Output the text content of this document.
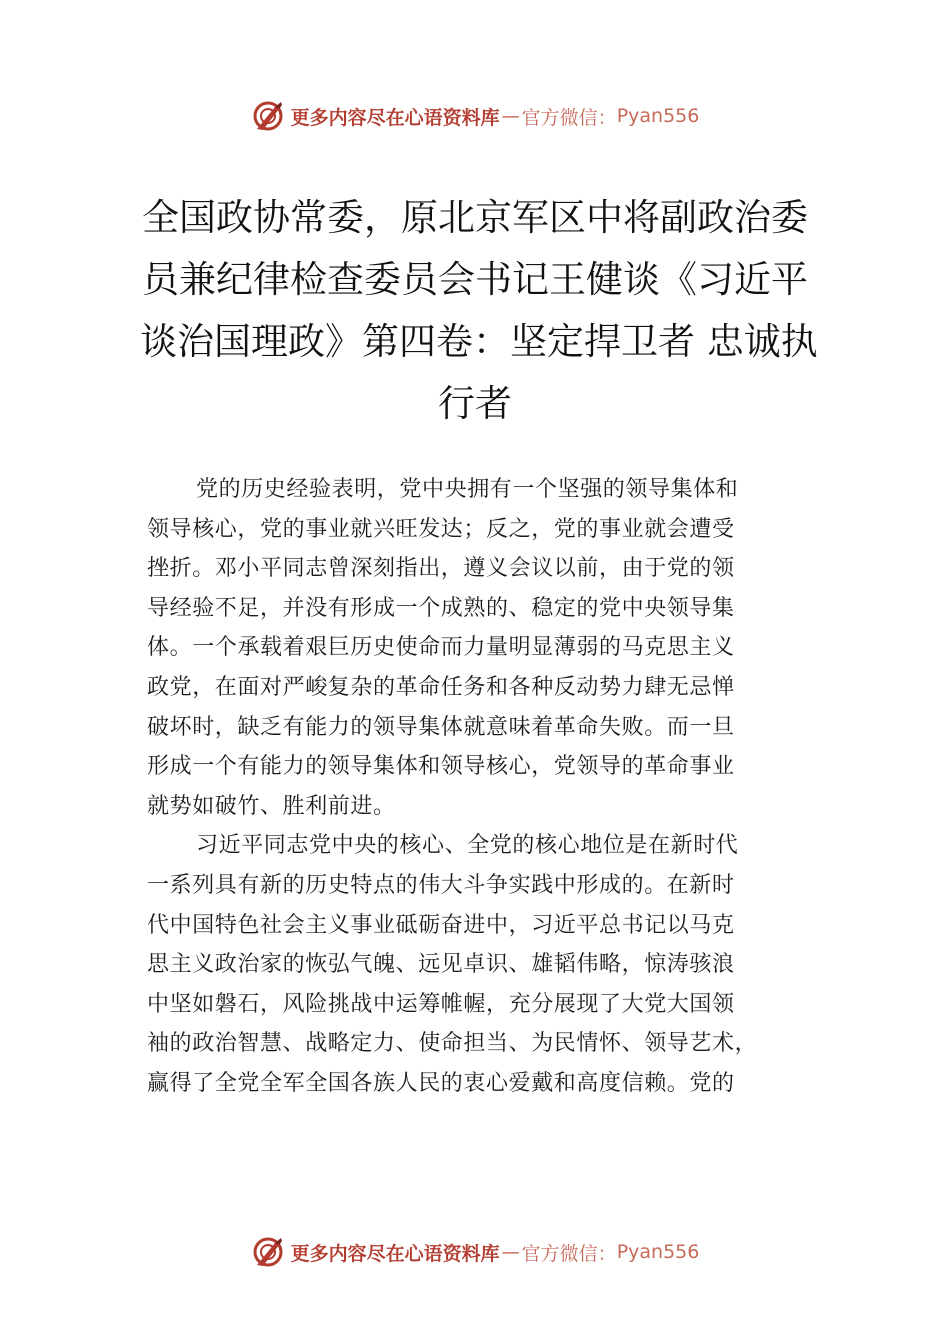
更多内容尽在心语资料库 — 官方微信： Pyan556
全国政协常委，原北京军区中将副政治委
员兼纪律检查委员会书记王健谈《习近平
谈治国理政》第四卷：坚定捍卫者 忠诚执
行者
党的历史经验表明，党中央拥有一个坚强的领导集体和
领导核心，党的事业就兴旺发达；反之，党的事业就会遭受
挫折。邓小平同志曾深刻指出，遵义会议以前，由于党的领
导经验不足，并没有形成一个成熟的、稳定的党中央领导集
体。一个承载着艰巨历史使命而力量明显薄弱的马克思主义
政党，在面对严峻复杂的革命任务和各种反动势力肆无忌惮
破坏时，缺乏有能力的领导集体就意味着革命失败。而一旦
形成一个有能力的领导集体和领导核心，党领导的革命事业
就势如破竹、胜利前进。
习近平同志党中央的核心、全党的核心地位是在新时代
一系列具有新的历史特点的伟大斗争实践中形成的。在新时
代中国特色社会主义事业砥砺奋进中，习近平总书记以马克
思主义政治家的恢弘气魄、远见卓识、雄韬伟略，惊涛骇浪
中坚如磐石，风险挑战中运筹帷幄，充分展现了大党大国领
袖的政治智慧、战略定力、使命担当、为民情怀、领导艺术，
赢得了全党全军全国各族人民的衷心爱戴和高度信赖。党的
更多内容尽在心语资料库 — 官方微信： Pyan556
